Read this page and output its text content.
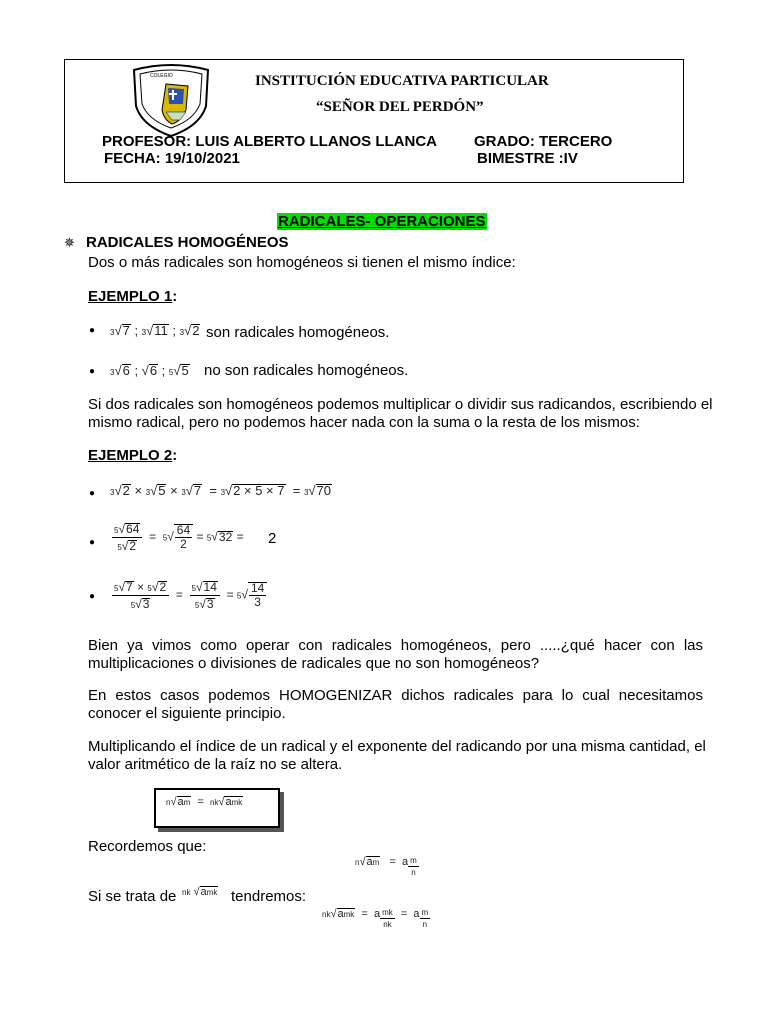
COLEGIO	INSTITUCIÓN EDUCATIVA PARTICULAR
“SEÑOR DEL PERDÓN”
PROFESOR: LUIS ALBERTO LLANOS LLANCA GRADO: TERCERO
FECHA: 19/10/2021	BIMESTRE :IV
RADICALES- OPERACIONES
✵ RADICALES HOMOGÉNEOS
Dos o más radicales son homogéneos si tienen el mismo índice:
EJEMPLO 1:
● 3√7 ; 3√11 ; 3√2 son radicales homogéneos.
● 3√6 ; √6 ; 5√5 no son radicales homogéneos.
Si dos radicales son homogéneos podemos multiplicar o dividir sus radicandos, escribiendo el mismo radical, pero no podemos hacer nada con la suma o la resta de los mismos:
EJEMPLO 2:
● 3√2 × 3√5 × 3√7  = 3√2 × 5 × 7  = 3√70
● $\frac{5√64}{5√2} = 5√ \frac{64}{2} = 5√32 = 2$
● $\frac{5√7 \times 5√2}{5√3} = \frac{5√14}{5√3} = 5√ \frac{14}{3}$
Bien ya vimos como operar con radicales homogéneos, pero .....¿qué hacer con las multiplicaciones o divisiones de radicales que no son homogéneos?
En estos casos podemos HOMOGENIZAR dichos radicales para lo cual necesitamos conocer el siguiente principio.
Multiplicando el índice de un radical y el exponente del radicando por una misma cantidad, el valor aritmético de la raíz no se altera.
n√am  =  nk√amk
Recordemos que:
n√am   =  a $\frac{m}{n}$
Si se trata de nk √amk tendremos:
nk√amk  =  a $\frac{mk}{nk} = a \frac{m}{n}$
